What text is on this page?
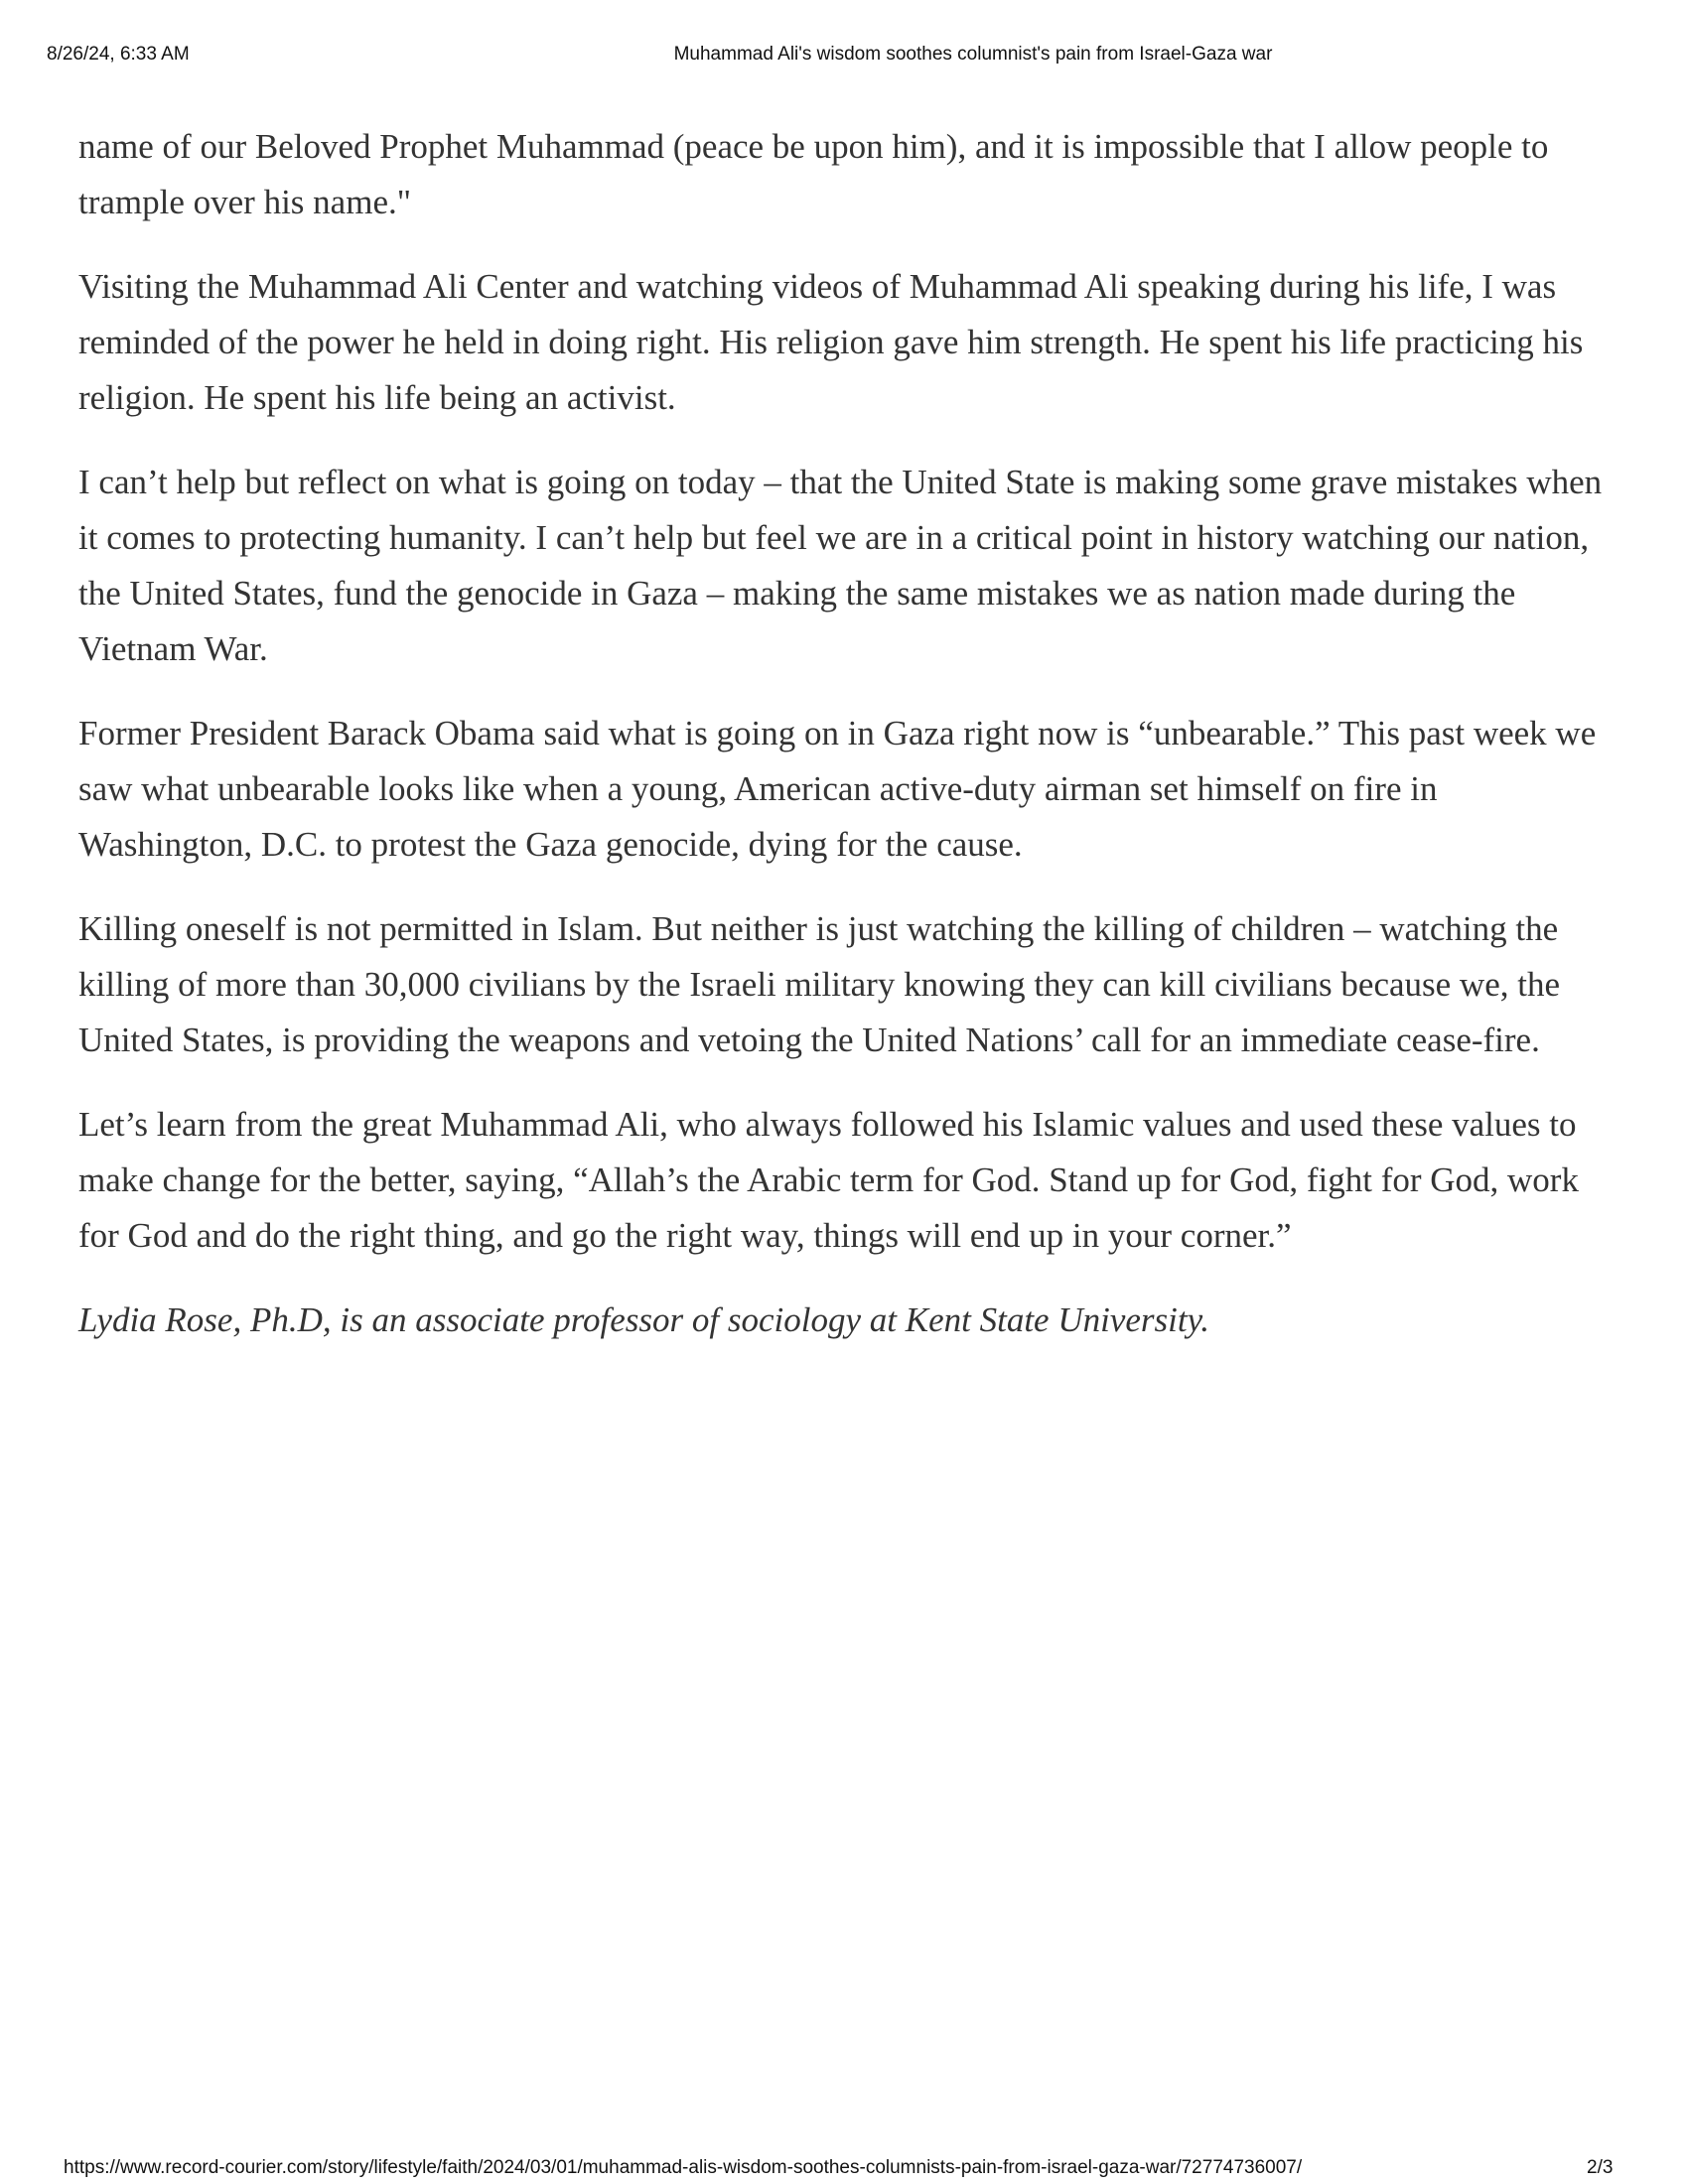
8/26/24, 6:33 AM	Muhammad Ali's wisdom soothes columnist's pain from Israel-Gaza war

name of our Beloved Prophet Muhammad (peace be upon him), and it is impossible that I allow people to trample over his name."

Visiting the Muhammad Ali Center and watching videos of Muhammad Ali speaking during his life, I was reminded of the power he held in doing right. His religion gave him strength. He spent his life practicing his religion. He spent his life being an activist.

I can’t help but reflect on what is going on today – that the United State is making some grave mistakes when it comes to protecting humanity. I can’t help but feel we are in a critical point in history watching our nation, the United States, fund the genocide in Gaza – making the same mistakes we as nation made during the Vietnam War.

Former President Barack Obama said what is going on in Gaza right now is “unbearable.” This past week we saw what unbearable looks like when a young, American active-duty airman set himself on fire in Washington, D.C. to protest the Gaza genocide, dying for the cause.

Killing oneself is not permitted in Islam. But neither is just watching the killing of children – watching the killing of more than 30,000 civilians by the Israeli military knowing they can kill civilians because we, the United States, is providing the weapons and vetoing the United Nations’ call for an immediate cease-fire.

Let’s learn from the great Muhammad Ali, who always followed his Islamic values and used these values to make change for the better, saying, “Allah’s the Arabic term for God. Stand up for God, fight for God, work for God and do the right thing, and go the right way, things will end up in your corner.”

Lydia Rose, Ph.D, is an associate professor of sociology at Kent State University.

https://www.record-courier.com/story/lifestyle/faith/2024/03/01/muhammad-alis-wisdom-soothes-columnists-pain-from-israel-gaza-war/72774736007/	2/3
